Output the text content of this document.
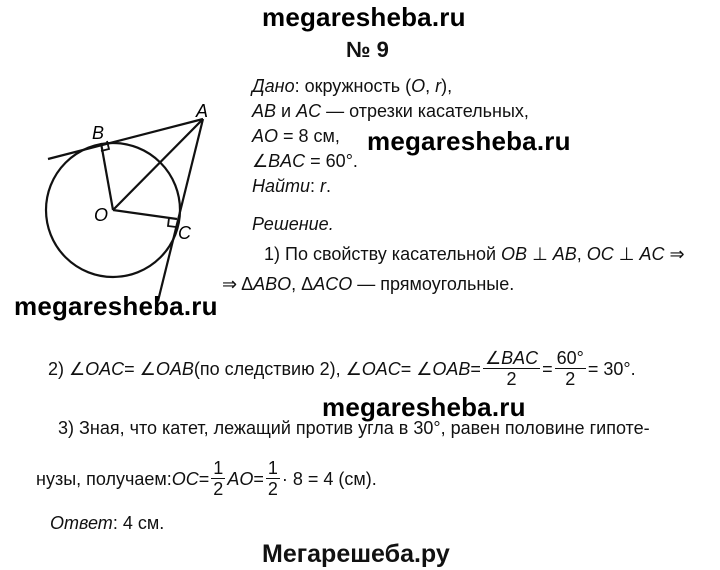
megaresheba.ru
№ 9
A
B
C
O
Дано: окружность (O, r),
AB и AC — отрезки касательных,
AO = 8 см, megaresheba.ru
∠BAC = 60°.
Найти: r.
Решение.
1) По свойству касательной OB ⊥ AB, OC ⊥ AC ⇒
megaresheba.ru
⇒ ΔABO, ΔACO — прямоугольные.
2) ∠ OAC = ∠ OAB (по следствию 2), ∠ OAC = ∠ OAB = $\frac{\text{∠BAC}}{2} = \frac{60^\circ}{2} = 30^\circ$.
megaresheba.ru
3) Зная, что катет, лежащий против угла в 30°, равен половине гипоте-
нузы, получаем: OC = $\frac{1}{2}$ AO = $\frac{1}{2} \cdot 8 = 4$ (см).
Ответ: 4 см.
Мегарешеба.ру
